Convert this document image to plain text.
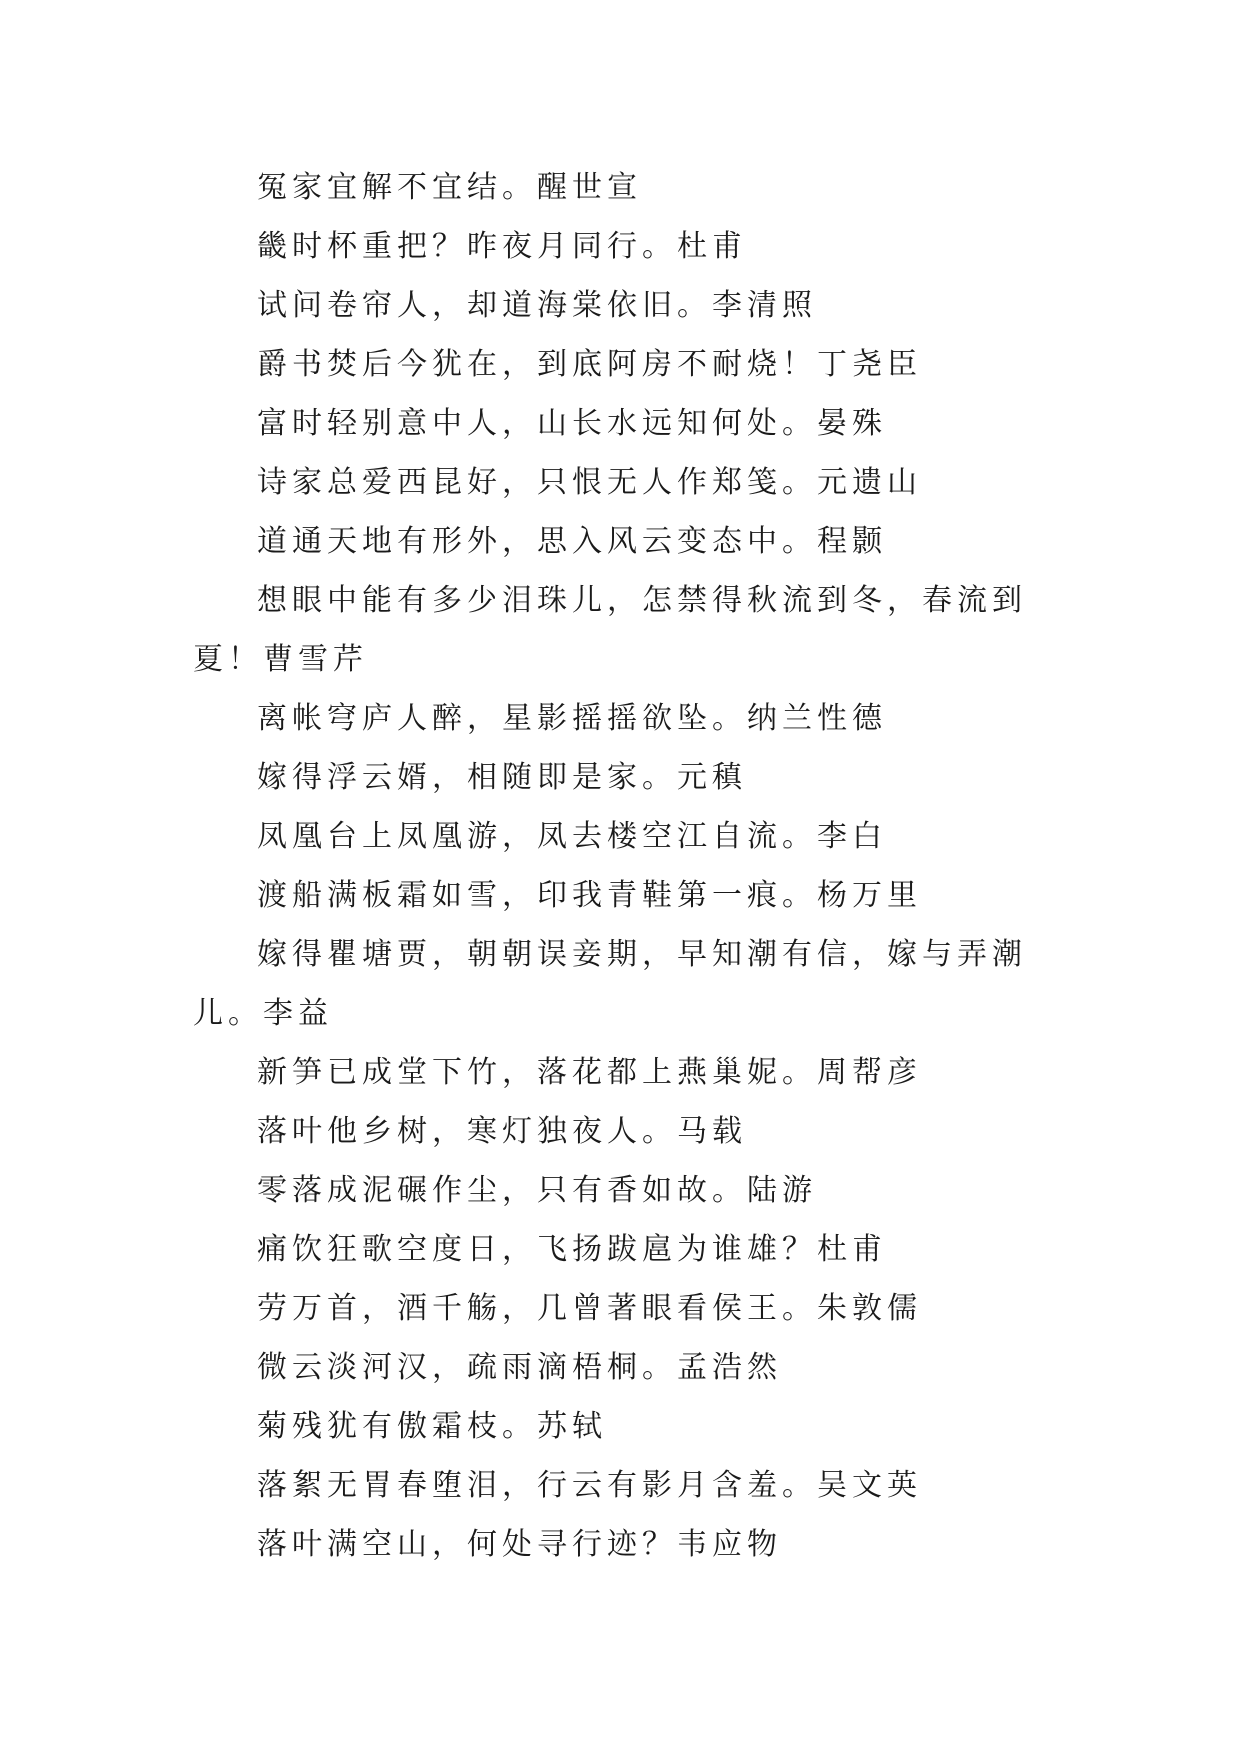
冤家宜解不宜结。醒世宣
畿时杯重把？昨夜月同行。杜甫
试问卷帘人，却道海棠依旧。李清照
爵书焚后今犹在，到底阿房不耐烧！丁尧臣
富时轻别意中人，山长水远知何处。晏殊
诗家总爱西昆好，只恨无人作郑笺。元遗山
道通天地有形外，思入风云变态中。程颢
想眼中能有多少泪珠儿，怎禁得秋流到冬，春流到夏！曹雪芹
离帐穹庐人醉，星影摇摇欲坠。纳兰性德
嫁得浮云婿，相随即是家。元稹
凤凰台上凤凰游，凤去楼空江自流。李白
渡船满板霜如雪，印我青鞋第一痕。杨万里
嫁得瞿塘贾，朝朝误妾期，早知潮有信，嫁与弄潮儿。李益
新笋已成堂下竹，落花都上燕巢妮。周帮彦
落叶他乡树，寒灯独夜人。马载
零落成泥碾作尘，只有香如故。陆游
痛饮狂歌空度日，飞扬跋扈为谁雄？杜甫
劳万首，酒千觞，几曾著眼看侯王。朱敦儒
微云淡河汉，疏雨滴梧桐。孟浩然
菊残犹有傲霜枝。苏轼
落絮无胃春堕泪，行云有影月含羞。吴文英
落叶满空山，何处寻行迹？韦应物
